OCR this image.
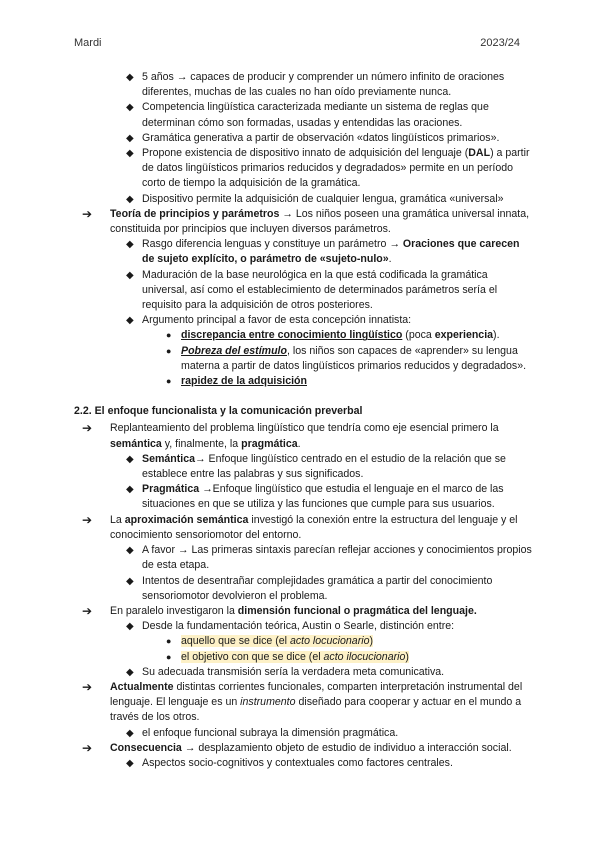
Mardi	2023/24
◆ 5 años → capaces de producir y comprender un número infinito de oraciones diferentes, muchas de las cuales no han oído previamente nunca.
◆ Competencia lingüística caracterizada mediante un sistema de reglas que determinan cómo son formadas, usadas y entendidas las oraciones.
◆ Gramática generativa a partir de observación «datos lingüísticos primarios».
◆ Propone existencia de dispositivo innato de adquisición del lenguaje (DAL) a partir de datos lingüísticos primarios reducidos y degradados» permite en un período corto de tiempo la adquisición de la gramática.
◆ Dispositivo permite la adquisición de cualquier lengua, gramática «universal»
➔ Teoría de principios y parámetros → Los niños poseen una gramática universal innata, constituida por principios que incluyen diversos parámetros.
◆ Rasgo diferencia lenguas y constituye un parámetro → Oraciones que carecen de sujeto explícito, o parámetro de «sujeto-nulo».
◆ Maduración de la base neurológica en la que está codificada la gramática universal, así como el establecimiento de determinados parámetros sería el requisito para la adquisición de otros posteriores.
◆ Argumento principal a favor de esta concepción innatista:
● discrepancia entre conocimiento lingüístico (poca experiencia).
● Pobreza del estímulo, los niños son capaces de «aprender» su lengua materna a partir de datos lingüísticos primarios reducidos y degradados».
● rapidez de la adquisición
2.2. El enfoque funcionalista y la comunicación preverbal
➔ Replanteamiento del problema lingüístico que tendría como eje esencial primero la semántica y, finalmente, la pragmática.
◆ Semántica→ Enfoque lingüístico centrado en el estudio de la relación que se establece entre las palabras y sus significados.
◆ Pragmática →Enfoque lingüístico que estudia el lenguaje en el marco de las situaciones en que se utiliza y las funciones que cumple para sus usuarios.
➔ La aproximación semántica investigó la conexión entre la estructura del lenguaje y el conocimiento sensoriomotor del entorno.
◆ A favor → Las primeras sintaxis parecían reflejar acciones y conocimientos propios de esta etapa.
◆ Intentos de desentrañar complejidades gramática a partir del conocimiento sensoriomotor devolvieron el problema.
➔ En paralelo investigaron la dimensión funcional o pragmática del lenguaje.
◆ Desde la fundamentación teórica, Austin o Searle, distinción entre:
● aquello que se dice (el acto locucionario)
● el objetivo con que se dice (el acto ilocucionario)
◆ Su adecuada transmisión sería la verdadera meta comunicativa.
➔ Actualmente distintas corrientes funcionales, comparten interpretación instrumental del lenguaje. El lenguaje es un instrumento diseñado para cooperar y actuar en el mundo a través de los otros.
◆ el enfoque funcional subraya la dimensión pragmática.
➔ Consecuencia → desplazamiento objeto de estudio de individuo a interacción social.
◆ Aspectos socio-cognitivos y contextuales como factores centrales.
